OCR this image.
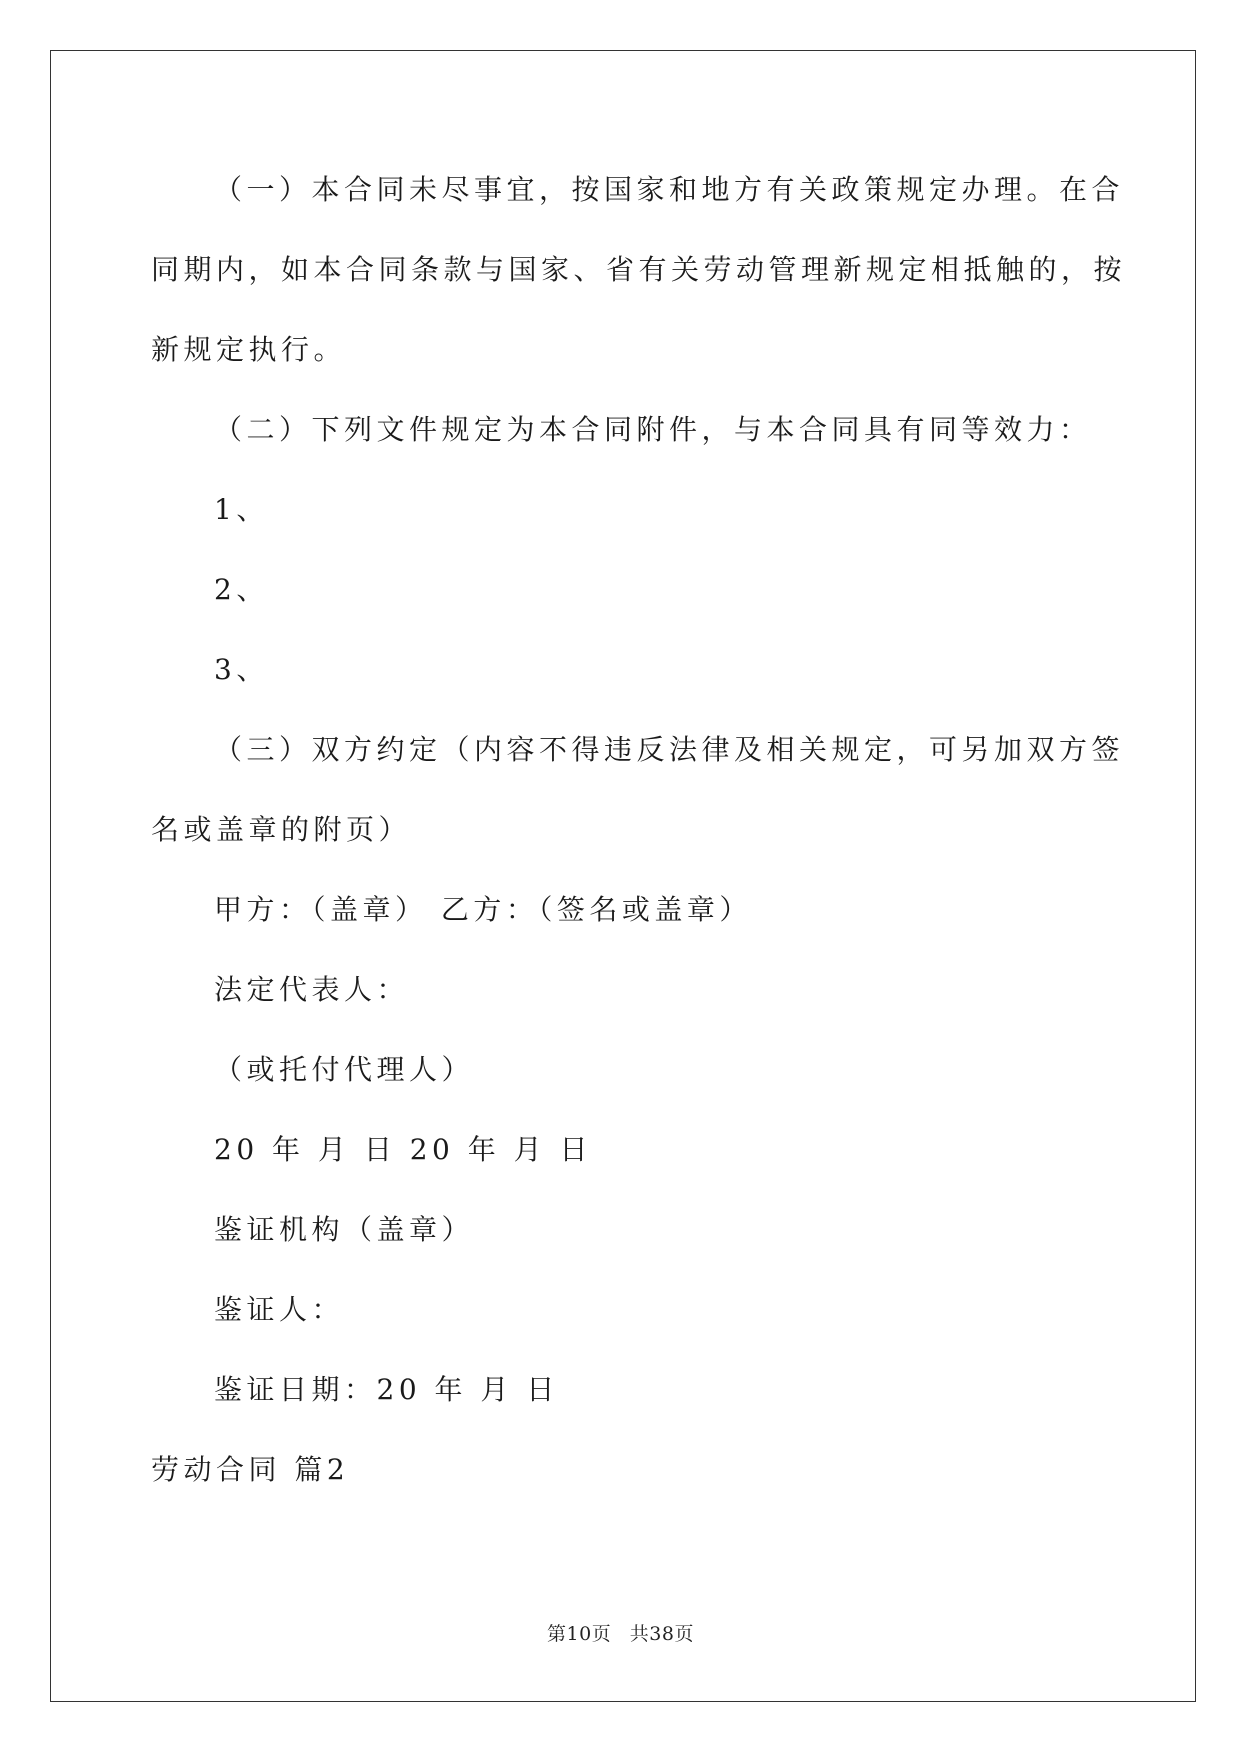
（一）本合同未尽事宜，按国家和地方有关政策规定办理。在合
同期内，如本合同条款与国家、省有关劳动管理新规定相抵触的，按
新规定执行。
（二）下列文件规定为本合同附件，与本合同具有同等效力：
1、
2、
3、
（三）双方约定（内容不得违反法律及相关规定，可另加双方签
名或盖章的附页）
甲方：（盖章） 乙方：（签名或盖章）
法定代表人：
（或托付代理人）
20 年 月 日 20 年 月 日
鉴证机构（盖章）
鉴证人：
鉴证日期：20 年 月 日
劳动合同 篇2
第10页 共38页
